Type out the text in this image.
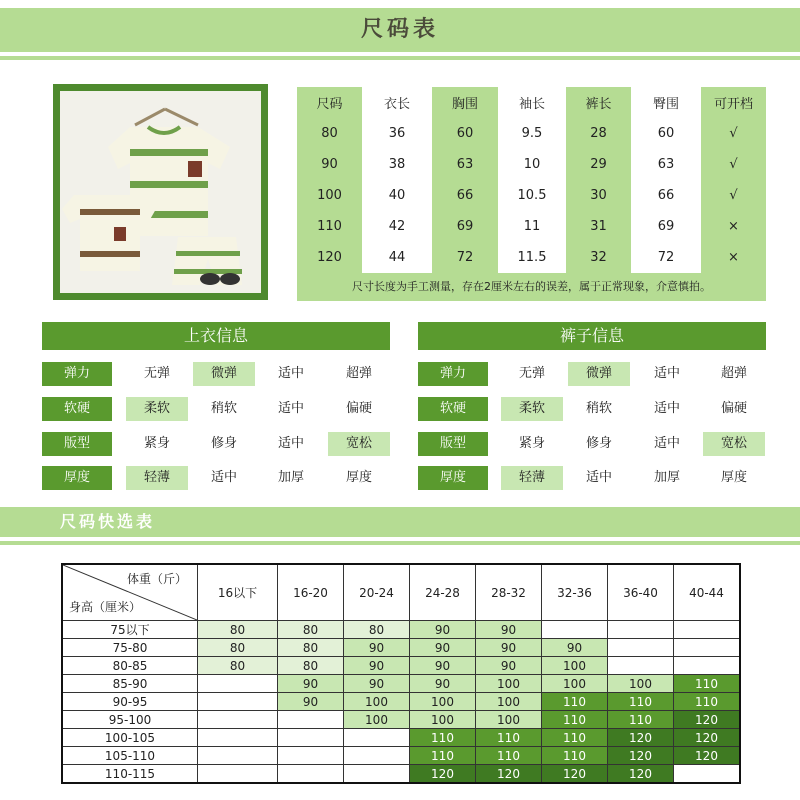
尺码表
尺码	衣长	胸围	袖长	裤长	臀围	可开档
80	36	60	9.5	28	60	√
90	38	63	10	29	63	√
100	40	66	10.5	30	66	√
110	42	69	11	31	69	×
120	44	72	11.5	32	72	×
尺寸长度为手工测量，存在2厘米左右的误差，属于正常现象，介意慎拍。
上衣信息
弹力	无弹	微弹	适中	超弹
软硬	柔软	稍软	适中	偏硬
版型	紧身	修身	适中	宽松
厚度	轻薄	适中	加厚	厚度
裤子信息
弹力	无弹	微弹	适中	超弹
软硬	柔软	稍软	适中	偏硬
版型	紧身	修身	适中	宽松
厚度	轻薄	适中	加厚	厚度
尺码快选表
体重（斤）
身高（厘米）	16以下	16-20	20-24	24-28	28-32	32-36	36-40	40-44
75以下	80	80	80	90	90			
75-80	80	80	90	90	90	90		
80-85	80	80	90	90	90	100		
85-90		90	90	90	100	100	100	110
90-95		90	100	100	100	110	110	110
95-100			100	100	100	110	110	120
100-105				110	110	110	120	120
105-110				110	110	110	120	120
110-115				120	120	120	120	
